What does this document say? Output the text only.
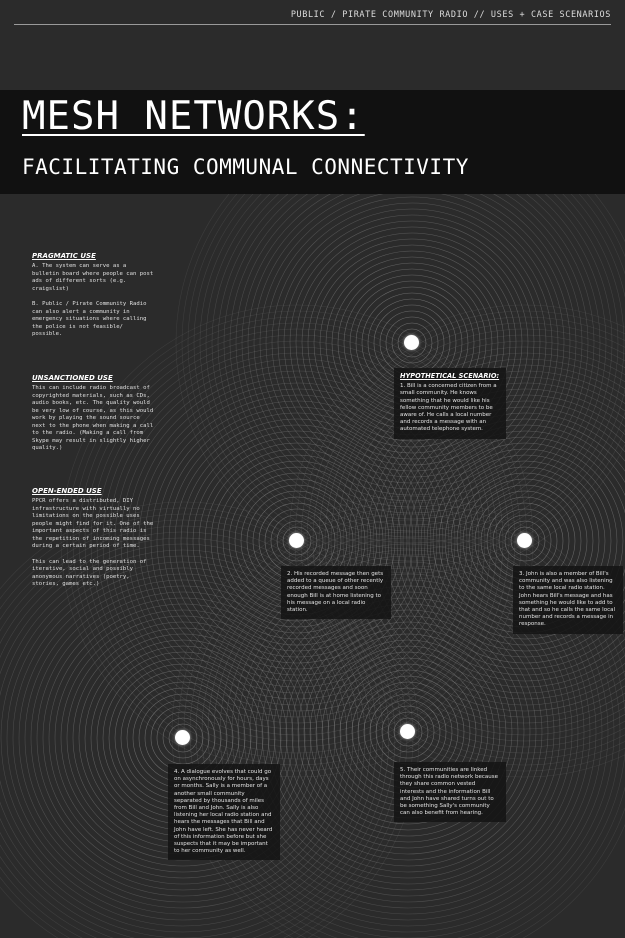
PUBLIC / PIRATE COMMUNITY RADIO // USES + CASE SCENARIOS
MESH NETWORKS:
FACILITATING COMMUNAL CONNECTIVITY
PRAGMATIC USE
A. The system can serve as a bulletin board where people can post ads of different sorts (e.g. craigslist)
B. Public / Pirate Community Radio can also alert a community in emergency situations where calling the police is not feasible/ possible.
UNSANCTIONED USE
This can include radio broadcast of copyrighted materials, such as CDs, audio books, etc. The quality would be very low of course, as this would work by playing the sound source next to the phone when making a call to the radio. (Making a call from Skype may result in slightly higher quality.)
OPEN-ENDED USE
PPCR offers a distributed, DIY infrastructure with virtually no limitations on the possible uses people might find for it. One of the important aspects of this radio is the repetition of incoming messages during a certain period of time.
This can lead to the generation of iterative, social and possibly anonymous narratives (poetry, stories, games etc.)
HYPOTHETICAL SCENARIO:
1. Bill is a concerned citizen from a small community. He knows something that he would like his fellow community members to be aware of. He calls a local number and records a message with an automated telephone system.
2. His recorded message then gets added to a queue of other recently recorded messages and soon enough Bill is at home listening to his message on a local radio station.
3. John is also a member of Bill's community and was also listening to the same local radio station. John hears Bill's message and has something he would like to add to that and so he calls the same local number and records a message in response.
4. A dialogue evolves that could go on asynchronously for hours, days or months. Sally is a member of a another small community separated by thousands of miles from Bill and John. Sally is also listening her local radio station and hears the messages that Bill and John have left. She has never heard of this information before but she suspects that it may be important to her community as well.
5. Their communities are linked through this radio network because they share common vested interests and the information Bill and John have shared turns out to be something Sally's community can also benefit from hearing.
